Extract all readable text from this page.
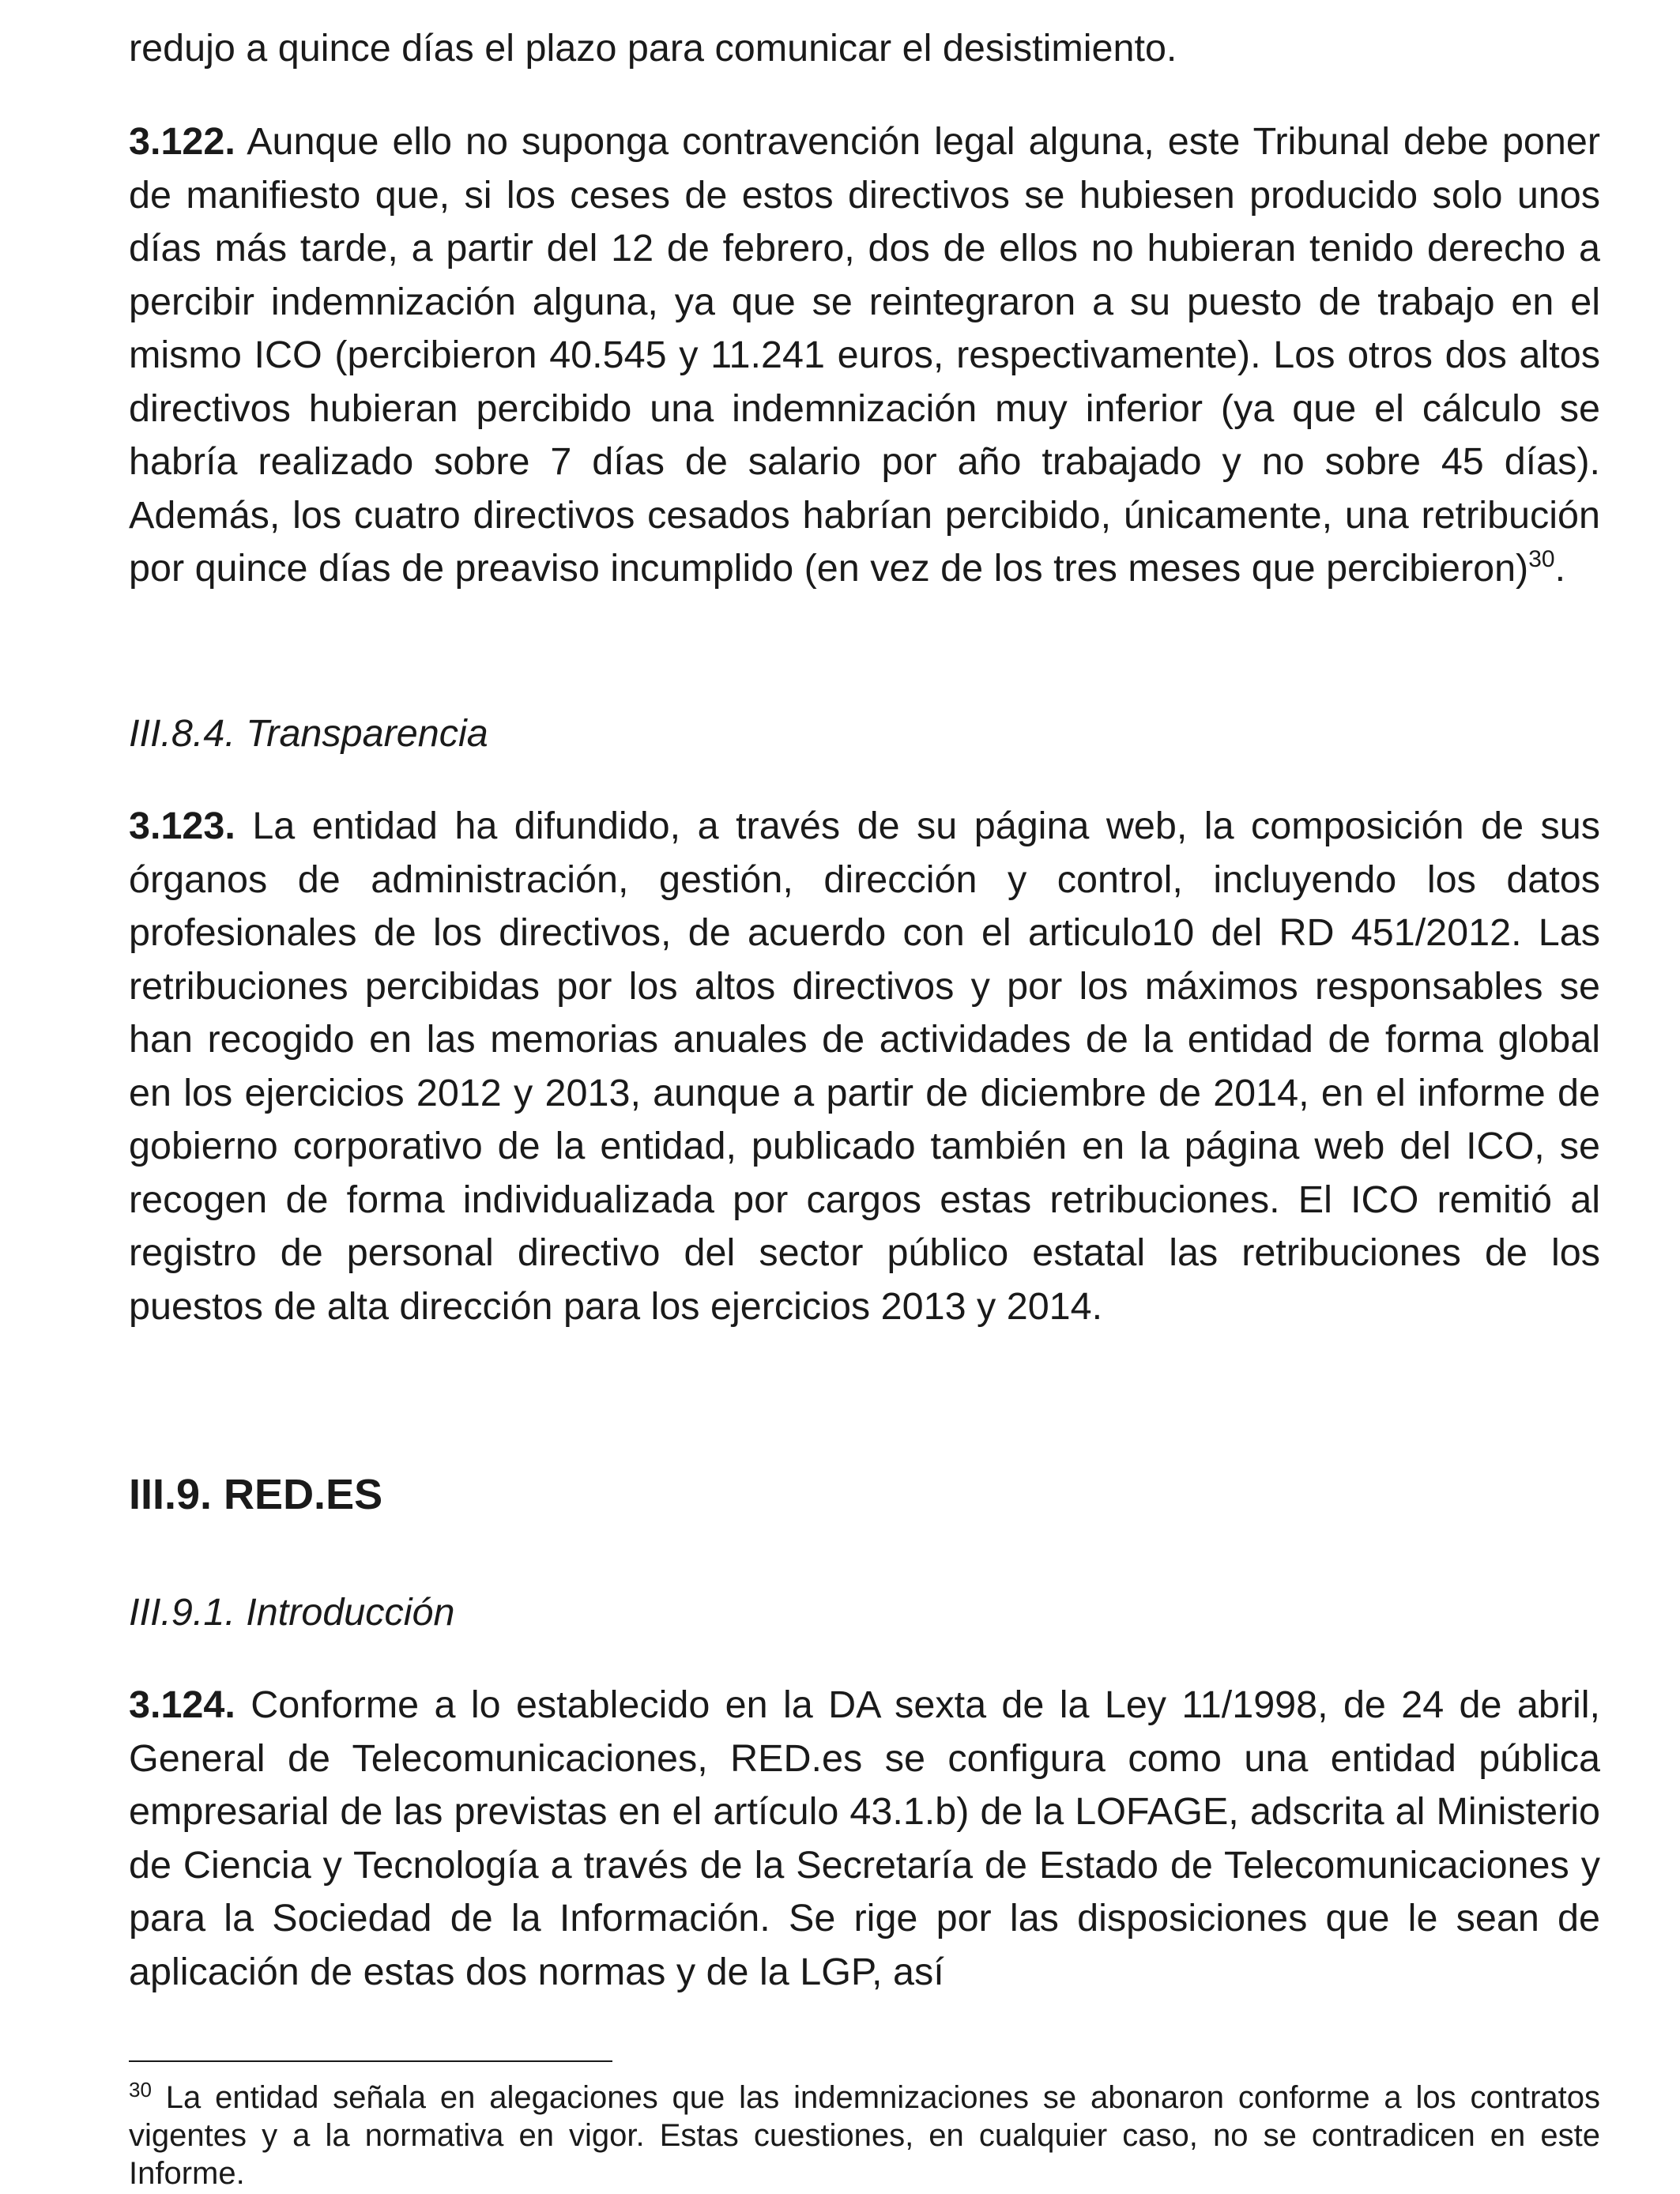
redujo a quince días el plazo para comunicar el desistimiento.

3.122. Aunque ello no suponga contravención legal alguna, este Tribunal debe poner de manifiesto que, si los ceses de estos directivos se hubiesen producido solo unos días más tarde, a partir del 12 de febrero, dos de ellos no hubieran tenido derecho a percibir indemnización alguna, ya que se reintegraron a su puesto de trabajo en el mismo ICO (percibieron 40.545 y 11.241 euros, respectivamente). Los otros dos altos directivos hubieran percibido una indemnización muy inferior (ya que el cálculo se habría realizado sobre 7 días de salario por año trabajado y no sobre 45 días). Además, los cuatro directivos cesados habrían percibido, únicamente, una retribución por quince días de preaviso incumplido (en vez de los tres meses que percibieron)$^{30}$.

III.8.4. Transparencia

3.123. La entidad ha difundido, a través de su página web, la composición de sus órganos de administración, gestión, dirección y control, incluyendo los datos profesionales de los directivos, de acuerdo con el articulo10 del RD 451/2012. Las retribuciones percibidas por los altos directivos y por los máximos responsables se han recogido en las memorias anuales de actividades de la entidad de forma global en los ejercicios 2012 y 2013, aunque a partir de diciembre de 2014, en el informe de gobierno corporativo de la entidad, publicado también en la página web del ICO, se recogen de forma individualizada por cargos estas retribuciones. El ICO remitió al registro de personal directivo del sector público estatal las retribuciones de los puestos de alta dirección para los ejercicios 2013 y 2014.

III.9. RED.ES

III.9.1. Introducción

3.124. Conforme a lo establecido en la DA sexta de la Ley 11/1998, de 24 de abril, General de Telecomunicaciones, RED.es se configura como una entidad pública empresarial de las previstas en el artículo 43.1.b) de la LOFAGE, adscrita al Ministerio de Ciencia y Tecnología a través de la Secretaría de Estado de Telecomunicaciones y para la Sociedad de la Información. Se rige por las disposiciones que le sean de aplicación de estas dos normas y de la LGP, así

$^{30}$ La entidad señala en alegaciones que las indemnizaciones se abonaron conforme a los contratos vigentes y a la normativa en vigor. Estas cuestiones, en cualquier caso, no se contradicen en este Informe.
